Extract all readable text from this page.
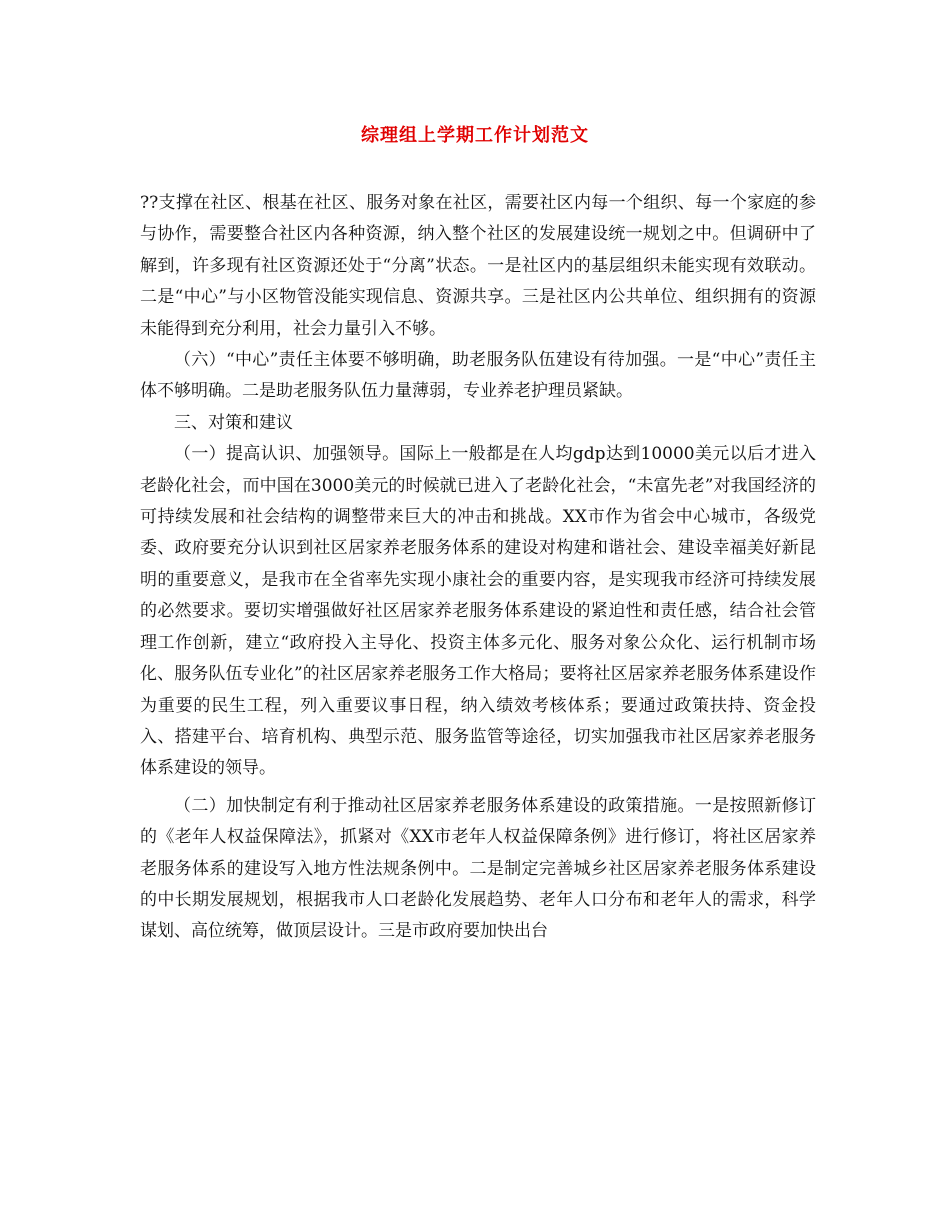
综理组上学期工作计划范文

??支撑在社区、根基在社区、服务对象在社区，需要社区内每一个组织、每一个家庭的参与协作，需要整合社区内各种资源，纳入整个社区的发展建设统一规划之中。但调研中了解到，许多现有社区资源还处于“分离”状态。一是社区内的基层组织未能实现有效联动。二是“中心”与小区物管没能实现信息、资源共享。三是社区内公共单位、组织拥有的资源未能得到充分利用，社会力量引入不够。

（六）“中心”责任主体要不够明确，助老服务队伍建设有待加强。一是“中心”责任主体不够明确。二是助老服务队伍力量薄弱，专业养老护理员紧缺。

三、对策和建议

（一）提高认识、加强领导。国际上一般都是在人均gdp达到10000美元以后才进入老龄化社会，而中国在3000美元的时候就已进入了老龄化社会，“未富先老”对我国经济的可持续发展和社会结构的调整带来巨大的冲击和挑战。XX市作为省会中心城市，各级党委、政府要充分认识到社区居家养老服务体系的建设对构建和谐社会、建设幸福美好新昆明的重要意义，是我市在全省率先实现小康社会的重要内容，是实现我市经济可持续发展的必然要求。要切实增强做好社区居家养老服务体系建设的紧迫性和责任感，结合社会管理工作创新，建立“政府投入主导化、投资主体多元化、服务对象公众化、运行机制市场化、服务队伍专业化”的社区居家养老服务工作大格局；要将社区居家养老服务体系建设作为重要的民生工程，列入重要议事日程，纳入绩效考核体系；要通过政策扶持、资金投入、搭建平台、培育机构、典型示范、服务监管等途径，切实加强我市社区居家养老服务体系建设的领导。

（二）加快制定有利于推动社区居家养老服务体系建设的政策措施。一是按照新修订的《老年人权益保障法》，抓紧对《XX市老年人权益保障条例》进行修订，将社区居家养老服务体系的建设写入地方性法规条例中。二是制定完善城乡社区居家养老服务体系建设的中长期发展规划，根据我市人口老龄化发展趋势、老年人口分布和老年人的需求，科学谋划、高位统筹，做顶层设计。三是市政府要加快出台
